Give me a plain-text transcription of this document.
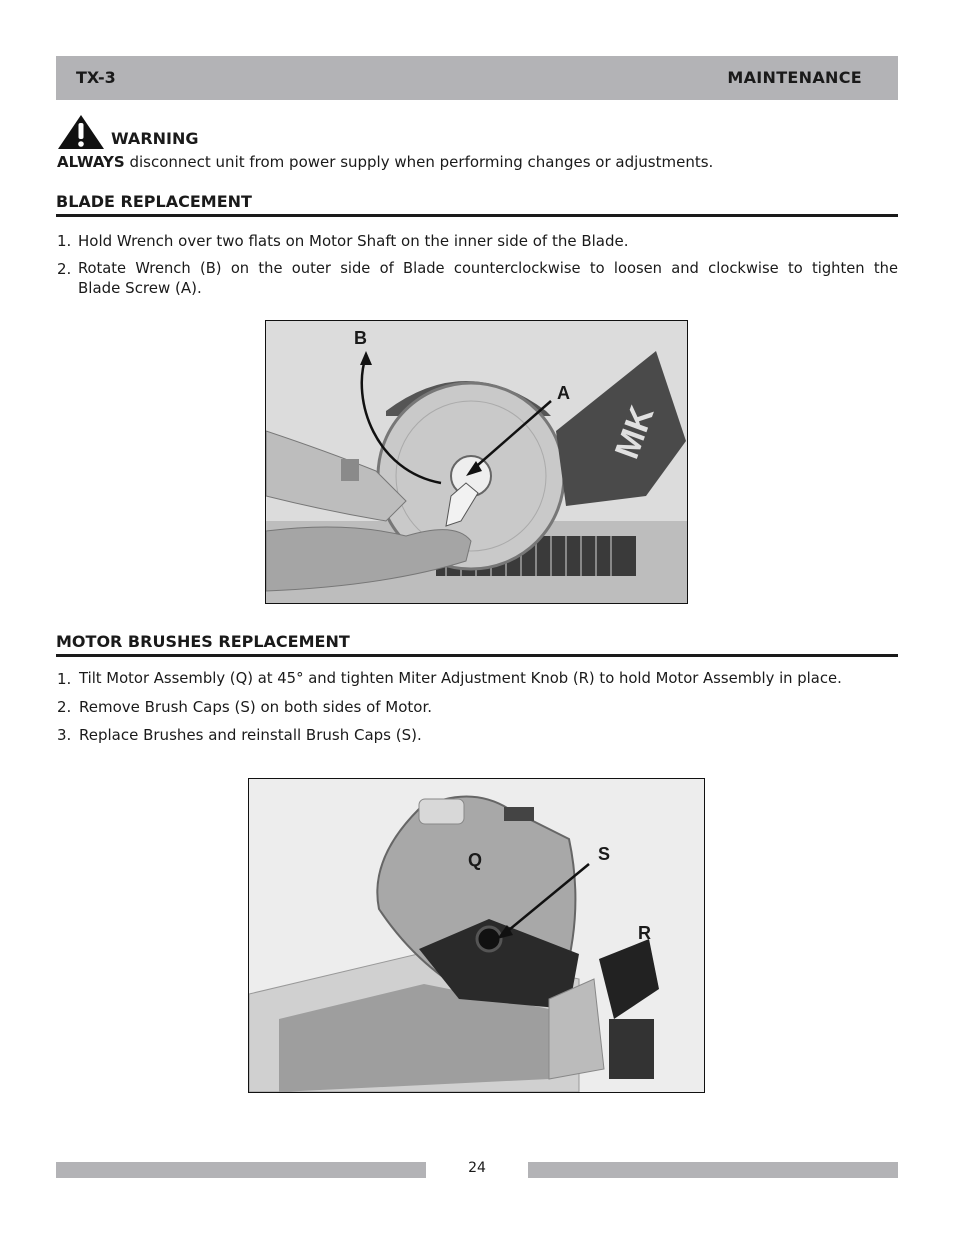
TX-3	MAINTENANCE
WARNING
ALWAYS disconnect unit from power supply when performing changes or adjustments.
BLADE REPLACEMENT
1. Hold Wrench over two flats on Motor Shaft on the inner side of the Blade.
2. Rotate Wrench (B) on the outer side of Blade counterclockwise to loosen and clockwise to tighten the
Blade Screw (A).
MK
B
A
MOTOR BRUSHES REPLACEMENT
1. Tilt Motor Assembly (Q) at 45° and tighten Miter Adjustment Knob (R) to hold Motor Assembly in place.
2. Remove Brush Caps (S) on both sides of Motor.
3. Replace Brushes and reinstall Brush Caps (S).
Q	S
R
24
